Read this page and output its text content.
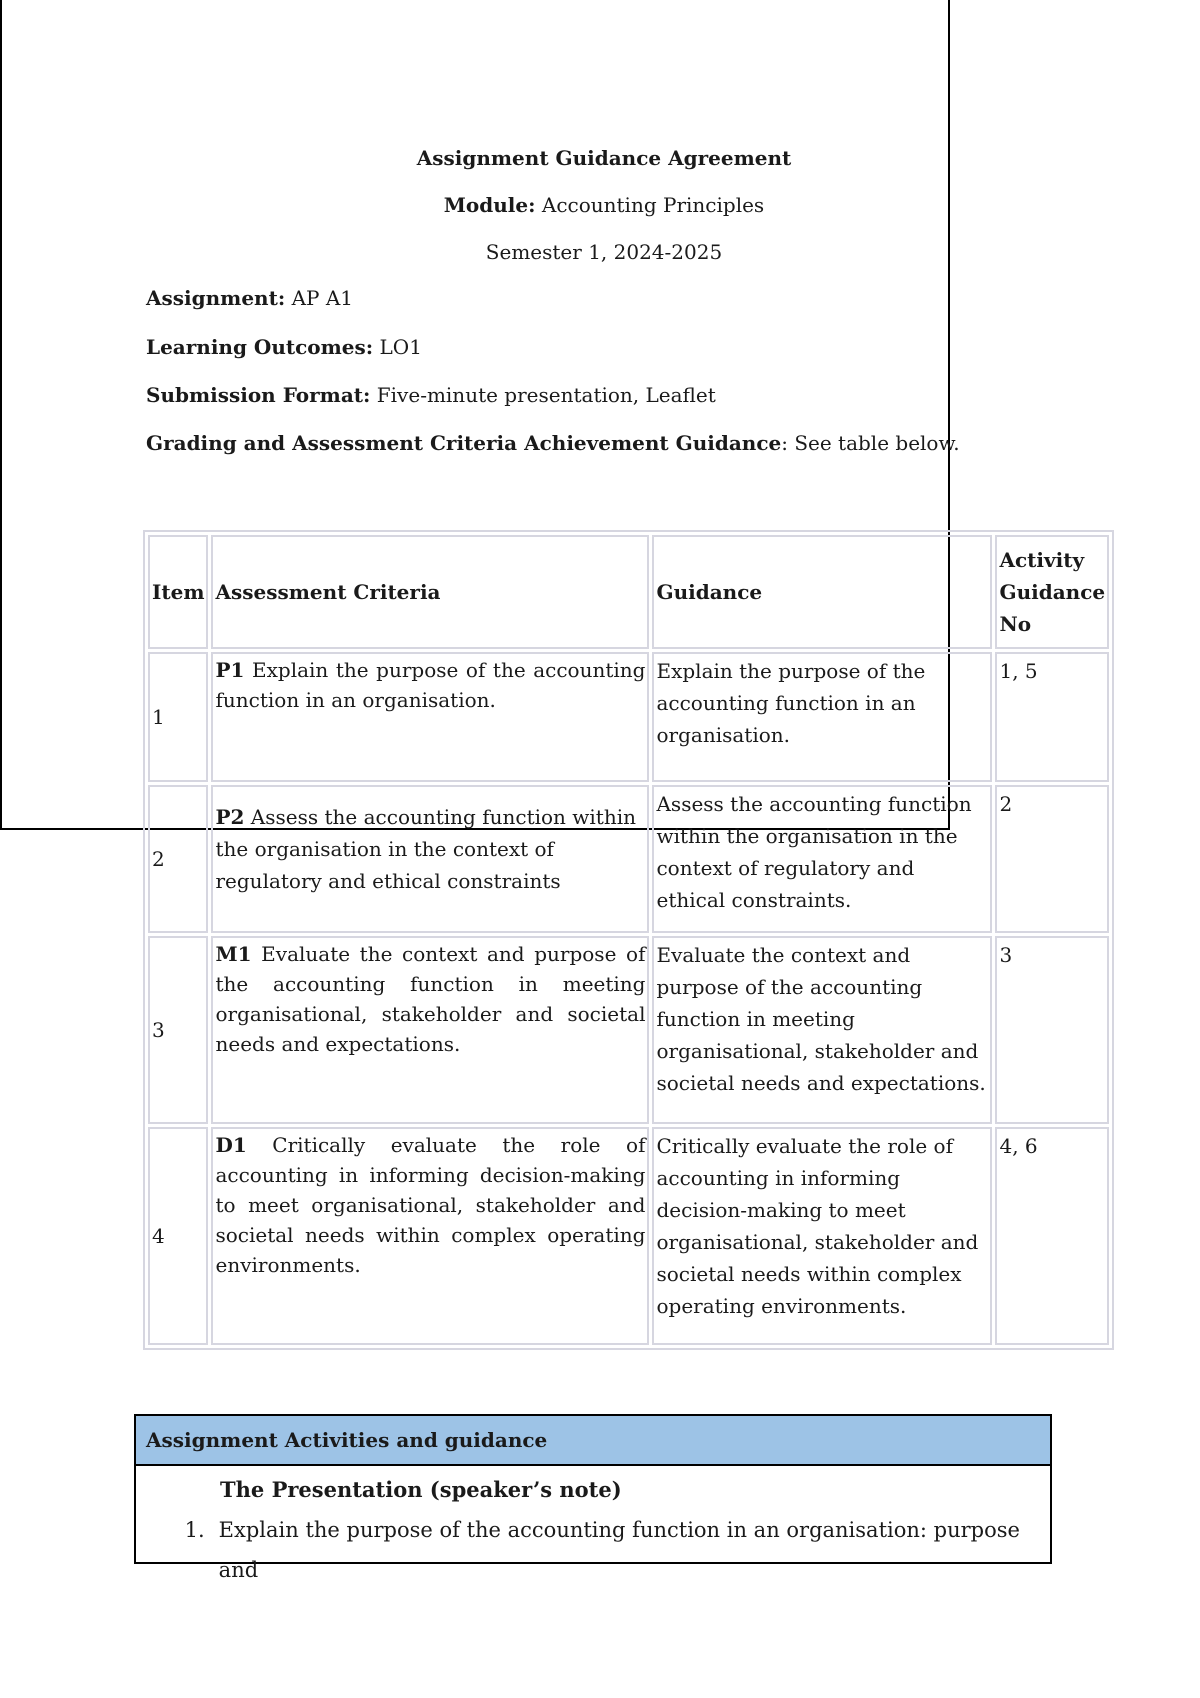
Assignment Guidance Agreement
Module: Accounting Principles
Semester 1, 2024-2025
Assignment: AP A1
Learning Outcomes: LO1
Submission Format: Five-minute presentation, Leaflet
Grading and Assessment Criteria Achievement Guidance: See table below.
Item	Assessment Criteria	Guidance	Activity Guidance No
1	P1 Explain the purpose of the accounting function in an organisation.	Explain the purpose of the accounting function in an organisation.	1, 5
2	P2 Assess the accounting function within the organisation in the context of regulatory and ethical constraints	Assess the accounting function within the organisation in the context of regulatory and ethical constraints.	2
3	M1 Evaluate the context and purpose of the accounting function in meeting organisational, stakeholder and societal needs and expectations.	Evaluate the context and purpose of the accounting function in meeting organisational, stakeholder and societal needs and expectations.	3
4	D1 Critically evaluate the role of accounting in informing decision-making to meet organisational, stakeholder and societal needs within complex operating environments.	Critically evaluate the role of accounting in informing decision-making to meet organisational, stakeholder and societal needs within complex operating environments.	4, 6
Assignment Activities and guidance
The Presentation (speaker’s note)
1. Explain the purpose of the accounting function in an organisation: purpose and
